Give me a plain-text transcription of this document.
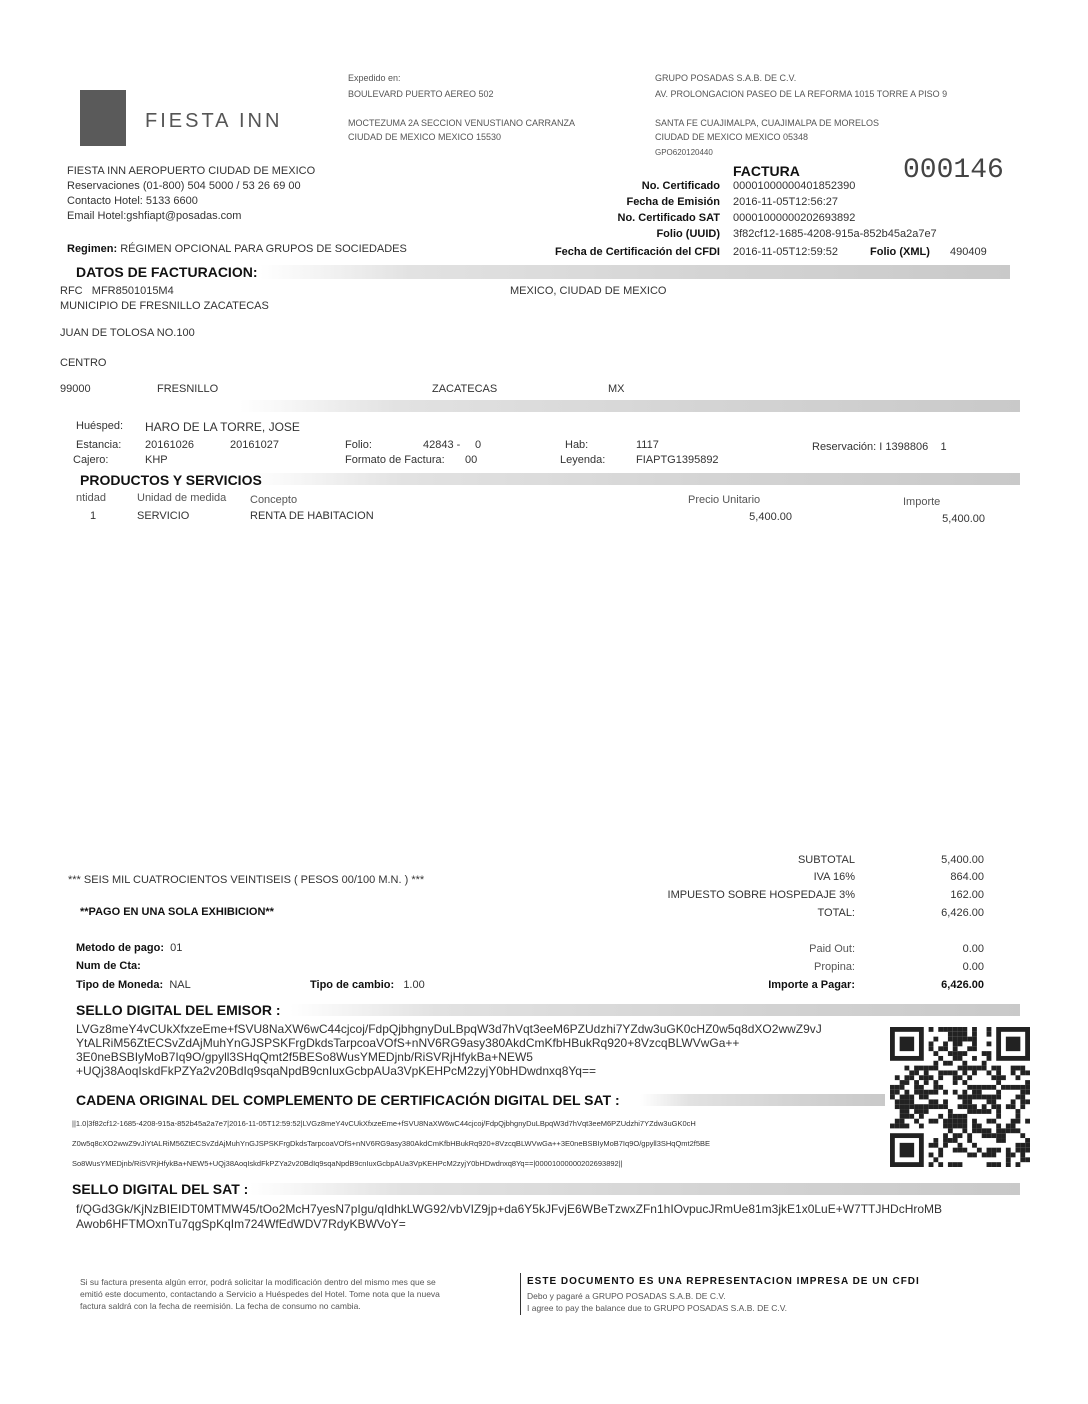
FIESTA INN
Expedido en:
BOULEVARD PUERTO AEREO 502
MOCTEZUMA 2A SECCION VENUSTIANO CARRANZA
CIUDAD DE MEXICO MEXICO 15530
GRUPO POSADAS S.A.B. DE C.V.
AV. PROLONGACION PASEO DE LA REFORMA 1015 TORRE A PISO 9
SANTA FE CUAJIMALPA, CUAJIMALPA DE MORELOS
CIUDAD DE MEXICO MEXICO 05348
GPO620120440
FIESTA INN AEROPUERTO CIUDAD DE MEXICO
Reservaciones (01-800) 504 5000 / 53 26 69 00
Contacto Hotel: 5133 6600
Email Hotel:gshfiapt@posadas.com
Regimen: RÉGIMEN OPCIONAL PARA GRUPOS DE SOCIEDADES
FACTURA	000146
No. Certificado 00001000000401852390
Fecha de Emisión 2016-11-05T12:56:27
No. Certificado SAT 00001000000202693892
Folio (UUID) 3f82cf12-1685-4208-915a-852b45a2a7e7
Fecha de Certificación del CFDI 2016-11-05T12:59:52	Folio (XML) 490409
DATOS DE FACTURACION:
RFC MFR8501015M4
MUNICIPIO DE FRESNILLO ZACATECAS
MEXICO, CIUDAD DE MEXICO
JUAN DE TOLOSA NO.100
CENTRO
99000	FRESNILLO	ZACATECAS	MX
Huésped: HARO DE LA TORRE, JOSE
Estancia: 20161026	20161027	Folio:	42843 - 0	Hab:	1117	Reservación: I 1398806 1
Cajero:	KHP	Formato de Factura: 00	Leyenda:	FIAPTG1395892
PRODUCTOS Y SERVICIOS
ntidad	Unidad de medida Concepto	Precio Unitario	Importe
1	SERVICIO	RENTA DE HABITACION	5,400.00	5,400.00
SUBTOTAL	5,400.00
IVA 16%	864.00
IMPUESTO SOBRE HOSPEDAJE 3%	162.00
TOTAL:	6,426.00
*** SEIS MIL CUATROCIENTOS VEINTISEIS ( PESOS 00/100 M.N. ) ***
**PAGO EN UNA SOLA EXHIBICION**
Metodo de pago: 01
Num de Cta:
Tipo de Moneda: NAL	Tipo de cambio: 1.00
Paid Out:	0.00
Propina:	0.00
Importe a Pagar:	6,426.00
SELLO DIGITAL DEL EMISOR :
LVGz8meY4vCUkXfxzeEme+fSVU8NaXW6wC44cjcoj/FdpQjbhgnyDuLBpqW3d7hVqt3eeM6PZUdzhi7YZdw3uGK0cHZ0w5q8dXO2wwZ9vJ
YtALRiM56ZtECSvZdAjMuhYnGJSPSKFrgDkdsTarpcoaVOfS+nNV6RG9asy380AkdCmKfbHBukRq920+8VzcqBLWVwGa++
3E0neBSBIyMoB7Iq9O/gpyll3SHqQmt2f5BESo8WusYMEDjnb/RiSVRjHfykBa+NEW5
+UQj38AoqIskdFkPZYa2v20BdIq9sqaNpdB9cnIuxGcbpAUa3VpKEHPcM2zyjY0bHDwdnxq8Yq==
CADENA ORIGINAL DEL COMPLEMENTO DE CERTIFICACIÓN DIGITAL DEL SAT :
||1.0|3f82cf12-1685-4208-915a-852b45a2a7e7|2016-11-05T12:59:52|LVGz8meY4vCUkXfxzeEme+fSVU8NaXW6wC44cjcoj/FdpQjbhgnyDuLBpqW3d7hVqt3eeM6PZUdzhi7YZdw3uGK0cH
Z0w5q8cXO2wwZ9vJiYtALRiM56ZtECSvZdAjMuhYnGJSPSKFrgDkdsTarpcoaVOfS+nNV6RG9asy380AkdCmKfbHBukRq920+8VzcqBLWVwGa++3E0neBSBIyMoB7Iq9O/gpyll3SHqQmt2f5BE
So8WusYMEDjnb/RiSVRjHfykBa+NEW5+UQj38AoqIskdFkPZYa2v20BdIq9sqaNpdB9cnIuxGcbpAUa3VpKEHPcM2zyjY0bHDwdnxq8Yq==|00001000000202693892||
SELLO DIGITAL DEL SAT :
f/QGd3Gk/KjNzBIEIDT0MTMW45/tOo2McH7yesN7pIgu/qIdhkLWG92/vbVIZ9jp+da6Y5kJFvjE6WBeTzwxZFn1hIOvpucJRmUe81m3jkE1x0LuE+W7TTJHDcHroMB
Awob6HFTMOxnTu7qgSpKqIm724WfEdWDV7RdyKBWVoY=
Si su factura presenta algún error, podrá solicitar la modificación dentro del mismo mes que se
emitió este documento, contactando a Servicio a Huéspedes del Hotel. Tome nota que la nueva
factura saldrá con la fecha de reemisión. La fecha de consumo no cambia.
ESTE DOCUMENTO ES UNA REPRESENTACION IMPRESA DE UN CFDI
Debo y pagaré a GRUPO POSADAS S.A.B. DE C.V.
I agree to pay the balance due to GRUPO POSADAS S.A.B. DE C.V.
